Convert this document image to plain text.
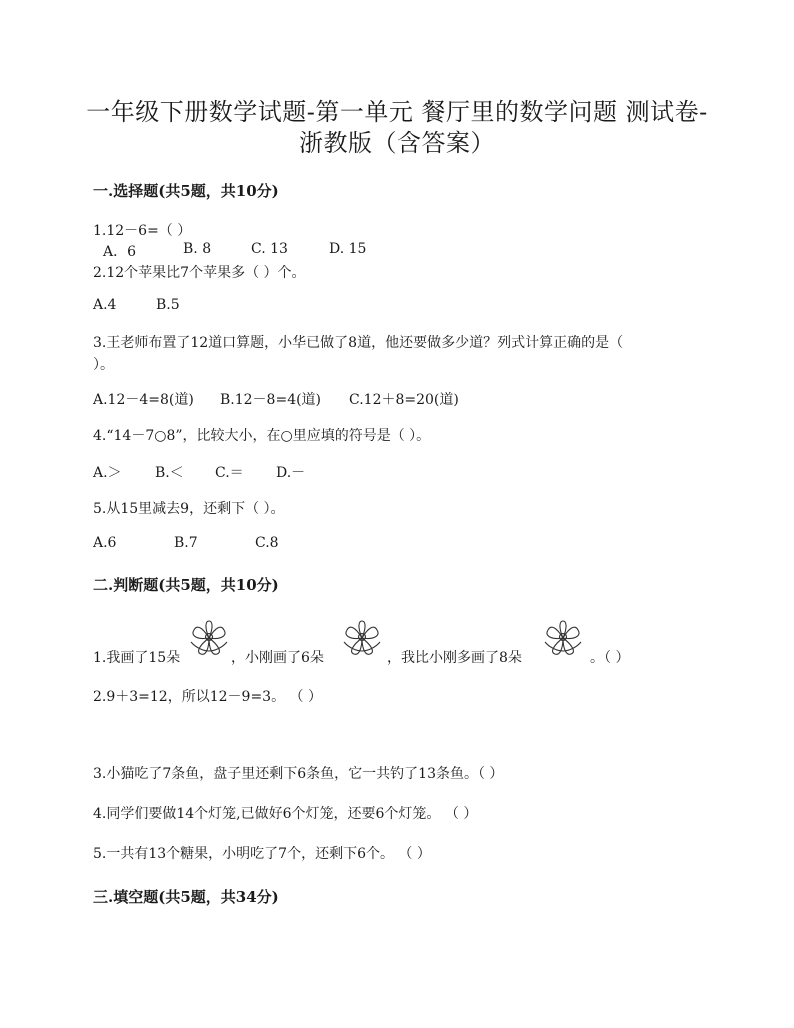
一年级下册数学试题-第一单元 餐厅里的数学问题 测试卷-
浙教版（含答案）
一.选择题(共5题，共10分)
1.12－6=（ ）
A．6	B. 8	C. 13	D. 15
2.12个苹果比7个苹果多（ ）个。
A.4	B.5
3.王老师布置了12道口算题，小华已做了8道，他还要做多少道？列式计算正确的是（
）。
A.12－4=8(道) B.12－8=4(道) C.12＋8=20(道)
4.“14－7○8”，比较大小，在○里应填的符号是（ ）。
A.＞ B.＜ C.＝ D.－
5.从15里减去9，还剩下（ ）。
A.6	B.7	C.8
二.判断题(共5题，共10分)
1.我画了15朵	，小刚画了6朵	，我比小刚多画了8朵	。（ ）
2.9＋3=12，所以12－9=3。 （ ）
3.小猫吃了7条鱼，盘子里还剩下6条鱼，它一共钓了13条鱼。（ ）
4.同学们要做14个灯笼,已做好6个灯笼，还要6个灯笼。 （ ）
5.一共有13个糖果，小明吃了7个，还剩下6个。 （ ）
三.填空题(共5题，共34分)
